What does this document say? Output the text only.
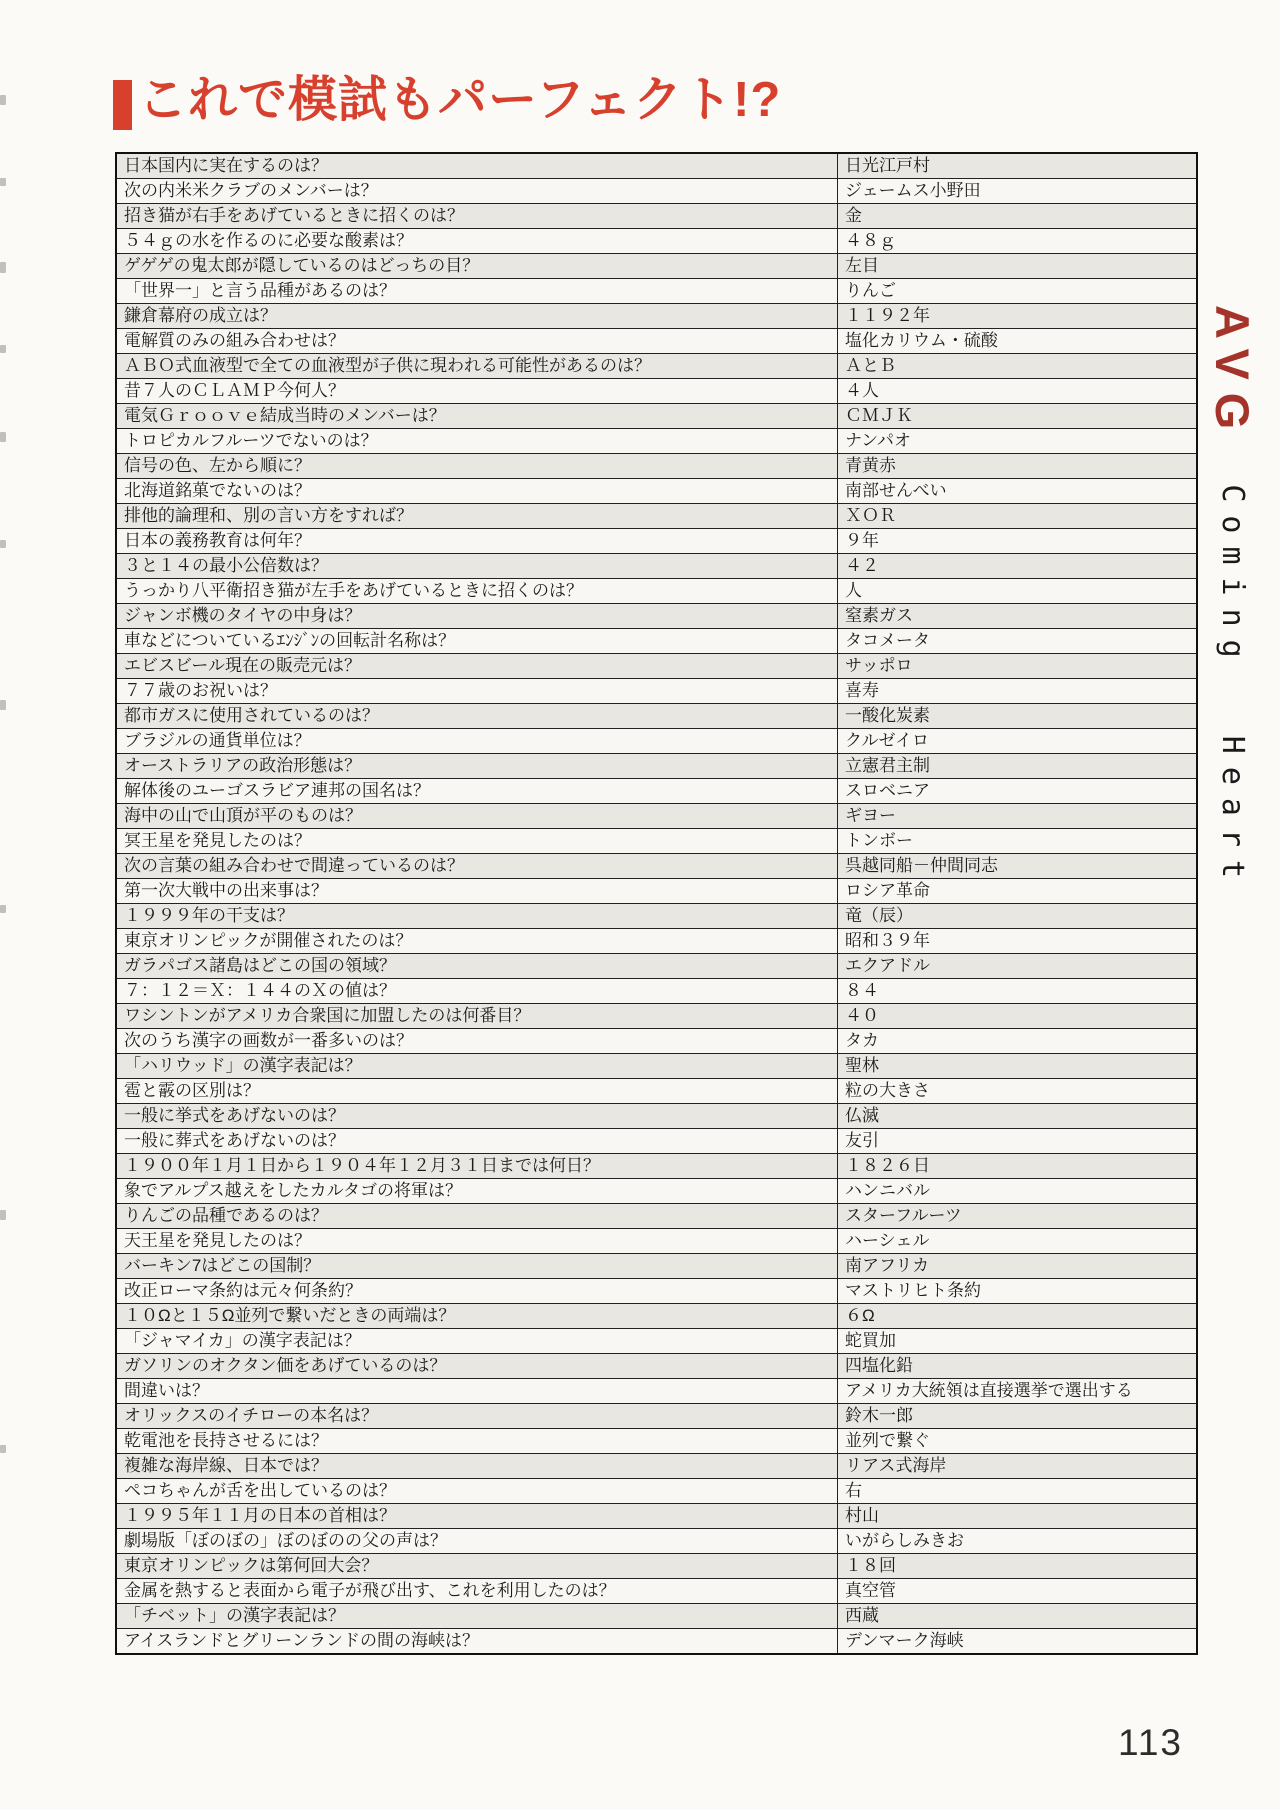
これで模試もパーフェクト!?
日本国内に実在するのは？	日光江戸村
次の内米米クラブのメンバーは？	ジェームス小野田
招き猫が右手をあげているときに招くのは？	金
５４ｇの水を作るのに必要な酸素は？	４８ｇ
ゲゲゲの鬼太郎が隠しているのはどっちの目？	左目
「世界一」と言う品種があるのは？	りんご
鎌倉幕府の成立は？	１１９２年
電解質のみの組み合わせは？	塩化カリウム・硫酸
ＡＢＯ式血液型で全ての血液型が子供に現われる可能性があるのは？	ＡとＢ
昔７人のＣＬＡＭＰ今何人？	４人
電気Ｇｒｏｏｖｅ結成当時のメンバーは？	ＣＭＪＫ
トロピカルフルーツでないのは？	ナンパオ
信号の色、左から順に？	青黄赤
北海道銘菓でないのは？	南部せんべい
排他的論理和、別の言い方をすれば？	ＸＯＲ
日本の義務教育は何年？	９年
３と１４の最小公倍数は？	４２
うっかり八平衛招き猫が左手をあげているときに招くのは？	人
ジャンボ機のタイヤの中身は？	窒素ガス
車などについているｴﾝｼﾞﾝの回転計名称は？	タコメータ
エビスビール現在の販売元は？	サッポロ
７７歳のお祝いは？	喜寿
都市ガスに使用されているのは？	一酸化炭素
ブラジルの通貨単位は？	クルゼイロ
オーストラリアの政治形態は？	立憲君主制
解体後のユーゴスラビア連邦の国名は？	スロベニア
海中の山で山頂が平のものは？	ギヨー
冥王星を発見したのは？	トンボー
次の言葉の組み合わせで間違っているのは？	呉越同船－仲間同志
第一次大戦中の出来事は？	ロシア革命
１９９９年の干支は？	竜（辰）
東京オリンピックが開催されたのは？	昭和３９年
ガラパゴス諸島はどこの国の領域？	エクアドル
７：１２＝Ｘ：１４４のＸの値は？	８４
ワシントンがアメリカ合衆国に加盟したのは何番目？	４０
次のうち漢字の画数が一番多いのは？	タカ
「ハリウッド」の漢字表記は？	聖林
雹と霰の区別は？	粒の大きさ
一般に挙式をあげないのは？	仏滅
一般に葬式をあげないのは？	友引
１９００年１月１日から１９０４年１２月３１日までは何日？	１８２６日
象でアルプス越えをしたカルタゴの将軍は？	ハンニバル
りんごの品種であるのは？	スターフルーツ
天王星を発見したのは？	ハーシェル
バーキン7はどこの国制？	南アフリカ
改正ローマ条約は元々何条約？	マストリヒト条約
１０Ωと１５Ω並列で繋いだときの両端は？	６Ω
「ジャマイカ」の漢字表記は？	蛇買加
ガソリンのオクタン価をあげているのは？	四塩化鉛
間違いは？	アメリカ大統領は直接選挙で選出する
オリックスのイチローの本名は？	鈴木一郎
乾電池を長持させるには？	並列で繋ぐ
複雑な海岸線、日本では？	リアス式海岸
ペコちゃんが舌を出しているのは？	右
１９９５年１１月の日本の首相は？	村山
劇場版「ぼのぼの」ぼのぼのの父の声は？	いがらしみきお
東京オリンピックは第何回大会？	１８回
金属を熱すると表面から電子が飛び出す、これを利用したのは？	真空管
「チベット」の漢字表記は？	西蔵
アイスランドとグリーンランドの間の海峡は？	デンマーク海峡
AVG
Coming Heart
113
